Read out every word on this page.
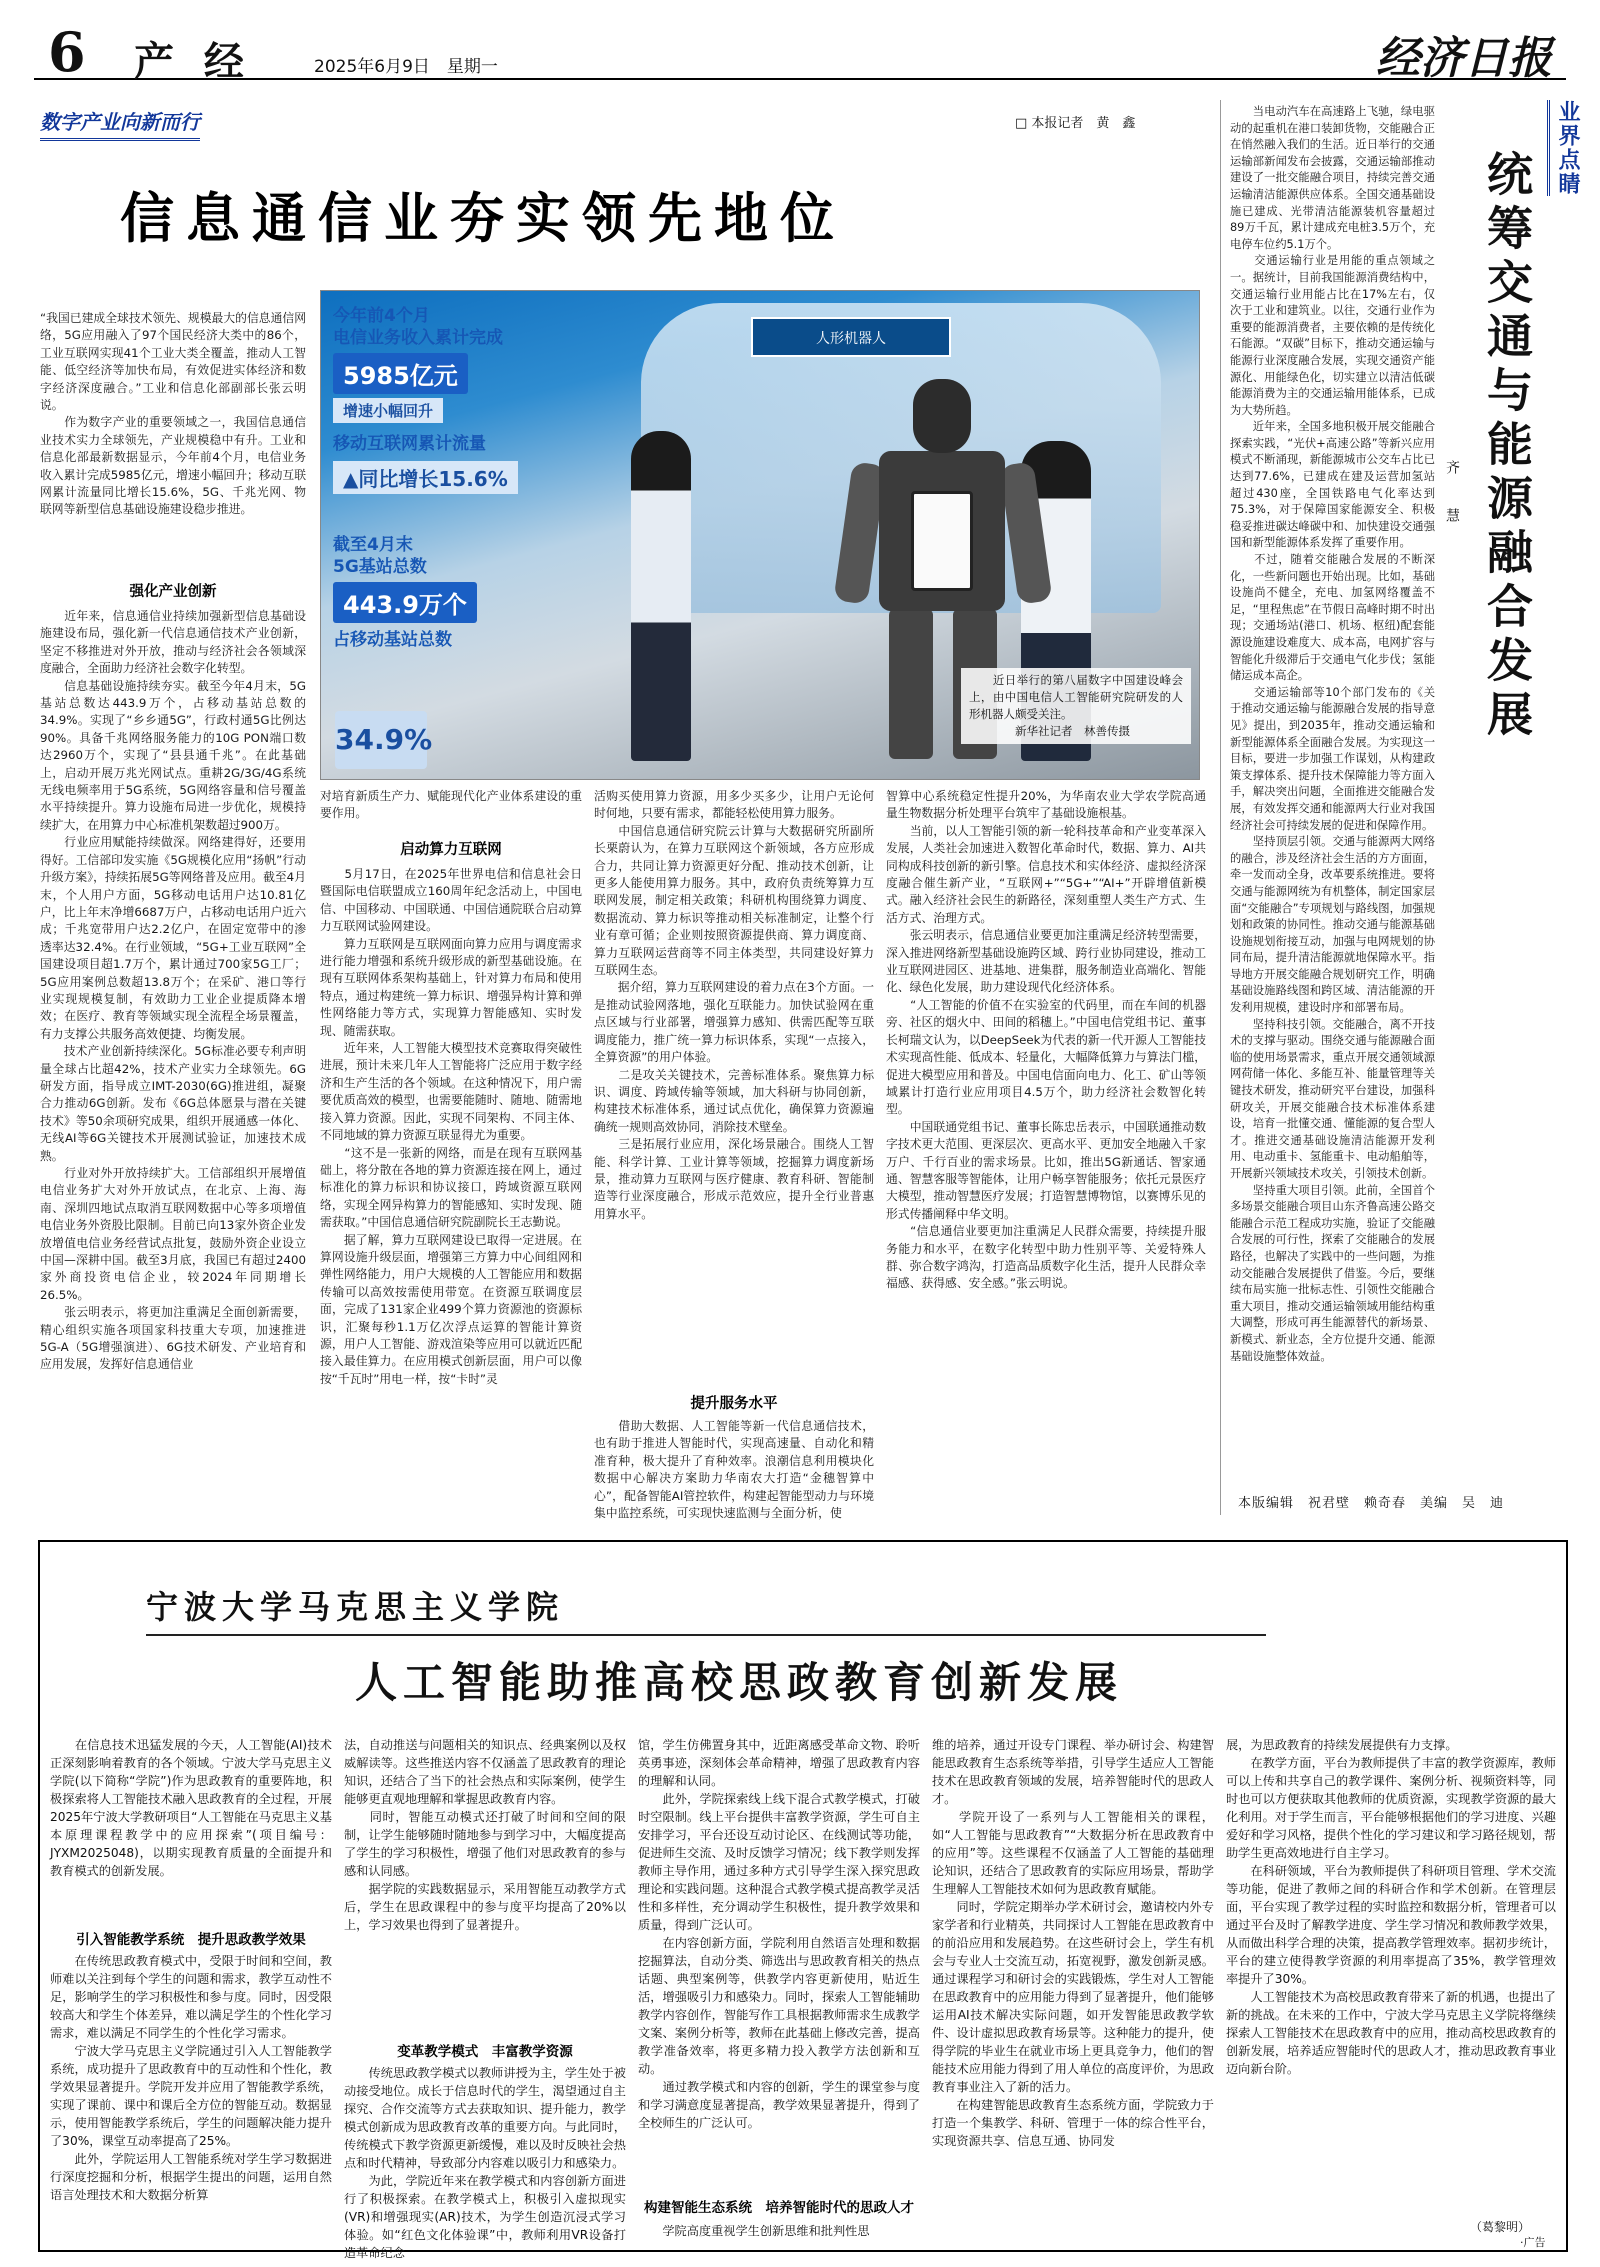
6 产 经	2025年6月9日　星期一	经济日报
数字产业向新而行	□ 本报记者　黄　鑫
信息通信业夯实领先地位
人形机器人
今年前4个月
电信业务收入累计完成
5985亿元 增速小幅回升
移动互联网累计流量
▲同比增长15.6%
截至4月末
5G基站总数
443.9万个
占移动基站总数
34.9%
　　近日举行的第八届数字中国建设峰会上，由中国电信人工智能研究院研发的人形机器人颇受关注。
　　　　新华社记者　林善传摄
“我国已建成全球技术领先、规模最大的信息通信网络，5G应用融入了97个国民经济大类中的86个，工业互联网实现41个工业大类全覆盖，推动人工智能、低空经济等加快布局，有效促进实体经济和数字经济深度融合。”工业和信息化部副部长张云明说。
　　作为数字产业的重要领域之一，我国信息通信业技术实力全球领先，产业规模稳中有升。工业和信息化部最新数据显示，今年前4个月，电信业务收入累计完成5985亿元，增速小幅回升；移动互联网累计流量同比增长15.6%，5G、千兆光网、物联网等新型信息基础设施建设稳步推进。
强化产业创新
　　近年来，信息通信业持续加强新型信息基础设施建设布局，强化新一代信息通信技术产业创新，坚定不移推进对外开放，推动与经济社会各领域深度融合，全面助力经济社会数字化转型。
　　信息基础设施持续夯实。截至今年4月末，5G基站总数达443.9万个，占移动基站总数的34.9%。实现了“乡乡通5G”，行政村通5G比例达90%。具备千兆网络服务能力的10G PON端口数达2960万个，实现了“县县通千兆”。在此基础上，启动开展万兆光网试点。重耕2G/3G/4G系统无线电频率用于5G系统，5G网络容量和信号覆盖水平持续提升。算力设施布局进一步优化，规模持续扩大，在用算力中心标准机架数超过900万。
　　行业应用赋能持续做深。网络建得好，还要用得好。工信部印发实施《5G规模化应用“扬帆”行动升级方案》，持续拓展5G等网络普及应用。截至4月末，个人用户方面，5G移动电话用户达10.81亿户，比上年末净增6687万户，占移动电话用户近六成；千兆宽带用户达2.2亿户，在固定宽带中的渗透率达32.4%。在行业领域，“5G+工业互联网”全国建设项目超1.7万个，累计通过700家5G工厂；5G应用案例总数超13.8万个；在采矿、港口等行业实现规模复制，有效助力工业企业提质降本增效；在医疗、教育等领域实现全流程全场景覆盖，有力支撑公共服务高效便捷、均衡发展。
　　技术产业创新持续深化。5G标准必要专利声明量全球占比超42%，技术产业实力全球领先。6G研发方面，指导成立IMT-2030(6G)推进组，凝聚合力推动6G创新。发布《6G总体愿景与潜在关键技术》等50余项研究成果，组织开展通感一体化、无线AI等6G关键技术开展测试验证，加速技术成熟。
　　行业对外开放持续扩大。工信部组织开展增值电信业务扩大对外开放试点，在北京、上海、海南、深圳四地试点取消互联网数据中心等多项增值电信业务外资股比限制。目前已向13家外资企业发放增值电信业务经营试点批复，鼓励外资企业设立中国—深耕中国。截至3月底，我国已有超过2400家外商投资电信企业，较2024年同期增长26.5%。
　　张云明表示，将更加注重满足全面创新需要，精心组织实施各项国家科技重大专项，加速推进5G-A（5G增强演进）、6G技术研发、产业培育和应用发展，发挥好信息通信业
对培育新质生产力、赋能现代化产业体系建设的重要作用。
启动算力互联网
　　5月17日，在2025年世界电信和信息社会日暨国际电信联盟成立160周年纪念活动上，中国电信、中国移动、中国联通、中国信通院联合启动算力互联网试验网建设。
　　算力互联网是互联网面向算力应用与调度需求进行能力增强和系统升级形成的新型基础设施。在现有互联网体系架构基础上，针对算力布局和使用特点，通过构建统一算力标识、增强异构计算和弹性网络能力等方式，实现算力智能感知、实时发现、随需获取。
　　近年来，人工智能大模型技术竞赛取得突破性进展，预计未来几年人工智能将广泛应用于数字经济和生产生活的各个领域。在这种情况下，用户需要优质高效的模型，也需要能随时、随地、随需地接入算力资源。因此，实现不同架构、不同主体、不同地域的算力资源互联显得尤为重要。
　　“这不是一张新的网络，而是在现有互联网基础上，将分散在各地的算力资源连接在网上，通过标准化的算力标识和协议接口，跨域资源互联网络，实现全网异构算力的智能感知、实时发现、随需获取。”中国信息通信研究院副院长王志勤说。
　　据了解，算力互联网建设已取得一定进展。在算网设施升级层面，增强第三方算力中心间组网和弹性网络能力，用户大规模的人工智能应用和数据传输可以高效按需使用带宽。在资源互联调度层面，完成了131家企业499个算力资源池的资源标识，汇聚每秒1.1万亿次浮点运算的智能计算资源，用户人工智能、游戏渲染等应用可以就近匹配接入最佳算力。在应用模式创新层面，用户可以像按“千瓦时”用电一样，按“卡时”灵
活购买使用算力资源，用多少买多少，让用户无论何时何地，只要有需求，都能轻松使用算力服务。
　　中国信息通信研究院云计算与大数据研究所副所长栗蔚认为，在算力互联网这个新领域，各方应形成合力，共同让算力资源更好分配、推动技术创新，让更多人能使用算力服务。其中，政府负责统筹算力互联网发展，制定相关政策；科研机构围绕算力调度、数据流动、算力标识等推动相关标准制定，让整个行业有章可循；企业则按照资源提供商、算力调度商、算力互联网运营商等不同主体类型，共同建设好算力互联网生态。
　　据介绍，算力互联网建设的着力点在3个方面。一是推动试验网落地，强化互联能力。加快试验网在重点区域与行业部署，增强算力感知、供需匹配等互联调度能力，推广统一算力标识体系，实现“一点接入，全算资源”的用户体验。
　　二是攻关关键技术，完善标准体系。聚焦算力标识、调度、跨域传输等领域，加大科研与协同创新，构建技术标准体系，通过试点优化，确保算力资源遍确统一规则高效协同，消除技术壁垒。
　　三是拓展行业应用，深化场景融合。围绕人工智能、科学计算、工业计算等领域，挖掘算力调度新场景，推动算力互联网与医疗健康、教育科研、智能制造等行业深度融合，形成示范效应，提升全行业普惠用算水平。
提升服务水平
　　借助大数据、人工智能等新一代信息通信技术，也有助于推进人智能时代，实现高速量、自动化和精准育种，极大提升了育种效率。浪潮信息利用模块化数据中心解决方案助力华南农大打造“金穗智算中心”，配备智能AI管控软件，构建起智能型动力与环境集中监控系统，可实现快速监测与全面分析，使
智算中心系统稳定性提升20%，为华南农业大学农学院高通量生物数据分析处理平台筑牢了基础设施根基。
　　当前，以人工智能引领的新一轮科技革命和产业变革深入发展，人类社会加速进入数智化革命时代，数据、算力、AI共同构成科技创新的新引擎。信息技术和实体经济、虚拟经济深度融合催生新产业，“互联网+”“5G+”“AI+”开辟增值新模式。融入经济社会民生的新路径，深刻重塑人类生产方式、生活方式、治理方式。
　　张云明表示，信息通信业要更加注重满足经济转型需要，深入推进网络新型基础设施跨区域、跨行业协同建设，推动工业互联网进园区、进基地、进集群，服务制造业高端化、智能化、绿色化发展，助力建设现代化经济体系。
　　“人工智能的价值不在实验室的代码里，而在车间的机器旁、社区的烟火中、田间的稻穗上。”中国电信党组书记、董事长柯瑞文认为，以DeepSeek为代表的新一代开源人工智能技术实现高性能、低成本、轻量化，大幅降低算力与算法门槛，促进大模型应用和普及。中国电信面向电力、化工、矿山等领域累计打造行业应用项目4.5万个，助力经济社会数智化转型。
　　中国联通党组书记、董事长陈忠岳表示，中国联通推动数字技术更大范围、更深层次、更高水平、更加安全地融入千家万户、千行百业的需求场景。比如，推出5G新通话、智家通通、智慧客服等智能体，让用户畅享智能服务；依托元景医疗大模型，推动智慧医疗发展；打造智慧博物馆，以赛博乐见的形式传播阐释中华文明。
　　“信息通信业要更加注重满足人民群众需要，持续提升服务能力和水平，在数字化转型中助力性别平等、关爱特殊人群、弥合数字鸿沟，打造高品质数字化生活，提升人民群众幸福感、获得感、安全感。”张云明说。
　　当电动汽车在高速路上飞驰，绿电驱动的起重机在港口装卸货物，交能融合正在悄然融入我们的生活。近日举行的交通运输部新闻发布会披露，交通运输部推动建设了一批交能融合项目，持续完善交通运输清洁能源供应体系。全国交通基础设施已建成、光带清洁能源装机容量超过89万千瓦，累计建成充电桩3.5万个，充电停车位约5.1万个。
　　交通运输行业是用能的重点领域之一。据统计，目前我国能源消费结构中，交通运输行业用能占比在17%左右，仅次于工业和建筑业。以往，交通行业作为重要的能源消费者，主要依赖的是传统化石能源。“双碳”目标下，推动交通运输与能源行业深度融合发展，实现交通资产能源化、用能绿色化，切实建立以清洁低碳能源消费为主的交通运输用能体系，已成为大势所趋。
　　近年来，全国多地积极开展交能融合探索实践，“光伏+高速公路”等新兴应用模式不断涌现，新能源城市公交车占比已达到77.6%，已建成在建及运营加氢站超过430座，全国铁路电气化率达到75.3%，对于保障国家能源安全、积极稳妥推进碳达峰碳中和、加快建设交通强国和新型能源体系发挥了重要作用。
　　不过，随着交能融合发展的不断深化，一些新问题也开始出现。比如，基础设施尚不健全，充电、加氢网络覆盖不足，“里程焦虑”在节假日高峰时期不时出现；交通场站(港口、机场、枢纽)配套能源设施建设难度大、成本高，电网扩容与智能化升级滞后于交通电气化步伐；氢能储运成本高企。
　　交通运输部等10个部门发布的《关于推动交通运输与能源融合发展的指导意见》提出，到2035年，推动交通运输和新型能源体系全面融合发展。为实现这一目标，要进一步加强工作谋划，从构建政策支撑体系、提升技术保障能力等方面入手，解决突出问题，全面推进交能融合发展，有效发挥交通和能源两大行业对我国经济社会可持续发展的促进和保障作用。
　　坚持顶层引领。交通与能源两大网络的融合，涉及经济社会生活的方方面面，牵一发而动全身，改革要系统推进。要将交通与能源网统为有机整体，制定国家层面“交能融合”专项规划与路线图，加强规划和政策的协同性。推动交通与能源基础设施规划衔接互动，加强与电网规划的协同布局，提升清洁能源就地保障水平。指导地方开展交能融合规划研究工作，明确基础设施路线图和跨区域、清洁能源的开发利用规模，建设时序和部署布局。
　　坚持科技引领。交能融合，离不开技术的支撑与驱动。围绕交通与能源融合面临的使用场景需求，重点开展交通领域源网荷储一体化、多能互补、能量管理等关键技术研发，推动研究平台建设，加强科研攻关，开展交能融合技术标准体系建设，培育一批懂交通、懂能源的复合型人才。推进交通基础设施清洁能源开发利用、电动重卡、氢能重卡、电动船舶等，开展新兴领域技术攻关，引领技术创新。
　　坚持重大项目引领。此前，全国首个多场景交能融合项目山东齐鲁高速公路交能融合示范工程成功实施，验证了交能融合发展的可行性，探索了交能融合的发展路径，也解决了实践中的一些问题，为推动交能融合发展提供了借鉴。今后，要继续布局实施一批标志性、引领性交能融合重大项目，推动交通运输领域用能结构重大调整，形成可再生能源替代的新场景、新模式、新业态，全方位提升交通、能源基础设施整体效益。
统筹交通与能源融合发展
业界点睛
齐　慧
本版编辑　祝君壁　赖奇春　美编　吴　迪
宁波大学马克思主义学院
人工智能助推高校思政教育创新发展
　　在信息技术迅猛发展的今天，人工智能(AI)技术正深刻影响着教育的各个领域。宁波大学马克思主义学院(以下简称“学院”)作为思政教育的重要阵地，积极探索将人工智能技术融入思政教育的全过程，开展2025年宁波大学教研项目“人工智能在马克思主义基本原理课程教学中的应用探索”(项目编号：JYXM2025048)，以期实现教育质量的全面提升和教育模式的创新发展。
引入智能教学系统　提升思政教学效果
　　在传统思政教育模式中，受限于时间和空间，教师难以关注到每个学生的问题和需求，教学互动性不足，影响学生的学习积极性和参与度。同时，因受限较高大和学生个体差异，难以满足学生的个性化学习需求，难以满足不同学生的个性化学习需求。
　　宁波大学马克思主义学院通过引入人工智能教学系统，成功提升了思政教育中的互动性和个性化，教学效果显著提升。学院开发并应用了智能教学系统，实现了课前、课中和课后全方位的智能互动。数据显示，使用智能教学系统后，学生的问题解决能力提升了30%，课堂互动率提高了25%。
　　此外，学院运用人工智能系统对学生学习数据进行深度挖掘和分析，根据学生提出的问题，运用自然语言处理技术和大数据分析算
法，自动推送与问题相关的知识点、经典案例以及权威解读等。这些推送内容不仅涵盖了思政教育的理论知识，还结合了当下的社会热点和实际案例，使学生能够更直观地理解和掌握思政教育内容。
　　同时，智能互动模式还打破了时间和空间的限制，让学生能够随时随地参与到学习中，大幅度提高了学生的学习积极性，增强了他们对思政教育的参与感和认同感。
　　据学院的实践数据显示，采用智能互动教学方式后，学生在思政课程中的参与度平均提高了20%以上，学习效果也得到了显著提升。
变革教学模式　丰富教学资源
　　传统思政教学模式以教师讲授为主，学生处于被动接受地位。成长于信息时代的学生，渴望通过自主探究、合作交流等方式去获取知识、提升能力，教学模式创新成为思政教育改革的重要方向。与此同时，传统模式下教学资源更新缓慢，难以及时反映社会热点和时代精神，导致部分内容难以吸引力和感染力。
　　为此，学院近年来在教学模式和内容创新方面进行了积极探索。在教学模式上，积极引入虚拟现实(VR)和增强现实(AR)技术，为学生创造沉浸式学习体验。如“红色文化体验课”中，教师利用VR设备打造革命纪念
馆，学生仿佛置身其中，近距离感受革命文物、聆听英勇事迹，深刻体会革命精神，增强了思政教育内容的理解和认同。
　　此外，学院探索线上线下混合式教学模式，打破时空限制。线上平台提供丰富教学资源，学生可自主安排学习，平台还设互动讨论区、在线测试等功能，促进师生交流、及时反馈学习情况；线下教学则发挥教师主导作用，通过多种方式引导学生深入探究思政理论和实践问题。这种混合式教学模式提高教学灵活性和多样性，充分调动学生积极性，提升教学效果和质量，得到广泛认可。
　　在内容创新方面，学院利用自然语言处理和数据挖掘算法，自动分类、筛选出与思政教育相关的热点话题、典型案例等，供教学内容更新使用，贴近生活，增强吸引力和感染力。同时，探索人工智能辅助教学内容创作，智能写作工具根据教师需求生成教学文案、案例分析等，教师在此基础上修改完善，提高教学准备效率，将更多精力投入教学方法创新和互动。
　　通过教学模式和内容的创新，学生的课堂参与度和学习满意度显著提高，教学效果显著提升，得到了全校师生的广泛认可。
构建智能生态系统　培养智能时代的思政人才
　　学院高度重视学生创新思维和批判性思
维的培养，通过开设专门课程、举办研讨会、构建智能思政教育生态系统等举措，引导学生适应人工智能技术在思政教育领域的发展，培养智能时代的思政人才。
　　学院开设了一系列与人工智能相关的课程，如“人工智能与思政教育”“大数据分析在思政教育中的应用”等。这些课程不仅涵盖了人工智能的基础理论知识，还结合了思政教育的实际应用场景，帮助学生理解人工智能技术如何为思政教育赋能。
　　同时，学院定期举办学术研讨会，邀请校内外专家学者和行业精英，共同探讨人工智能在思政教育中的前沿应用和发展趋势。在这些研讨会上，学生有机会与专业人士交流互动，拓宽视野，激发创新灵感。通过课程学习和研讨会的实践锻炼，学生对人工智能在思政教育中的应用能力得到了显著提升，他们能够运用AI技术解决实际问题，如开发智能思政教学软件、设计虚拟思政教育场景等。这种能力的提升，使得学院的毕业生在就业市场上更具竞争力，他们的智能技术应用能力得到了用人单位的高度评价，为思政教育事业注入了新的活力。
　　在构建智能思政教育生态系统方面，学院致力于打造一个集教学、科研、管理于一体的综合性平台，实现资源共享、信息互通、协同发
展，为思政教育的持续发展提供有力支撑。
　　在教学方面，平台为教师提供了丰富的教学资源库，教师可以上传和共享自己的教学课件、案例分析、视频资料等，同时也可以方便获取其他教师的优质资源，实现教学资源的最大化利用。对于学生而言，平台能够根据他们的学习进度、兴趣爱好和学习风格，提供个性化的学习建议和学习路径规划，帮助学生更高效地进行自主学习。
　　在科研领域，平台为教师提供了科研项目管理、学术交流等功能，促进了教师之间的科研合作和学术创新。在管理层面，平台实现了教学过程的实时监控和数据分析，管理者可以通过平台及时了解教学进度、学生学习情况和教师教学效果，从而做出科学合理的决策，提高教学管理效率。据初步统计，平台的建立使得教学资源的利用率提高了35%，教学管理效率提升了30%。
　　人工智能技术为高校思政教育带来了新的机遇，也提出了新的挑战。在未来的工作中，宁波大学马克思主义学院将继续探索人工智能技术在思政教育中的应用，推动高校思政教育的创新发展，培养适应智能时代的思政人才，推动思政教育事业迈向新台阶。
（葛黎明）
·广告
